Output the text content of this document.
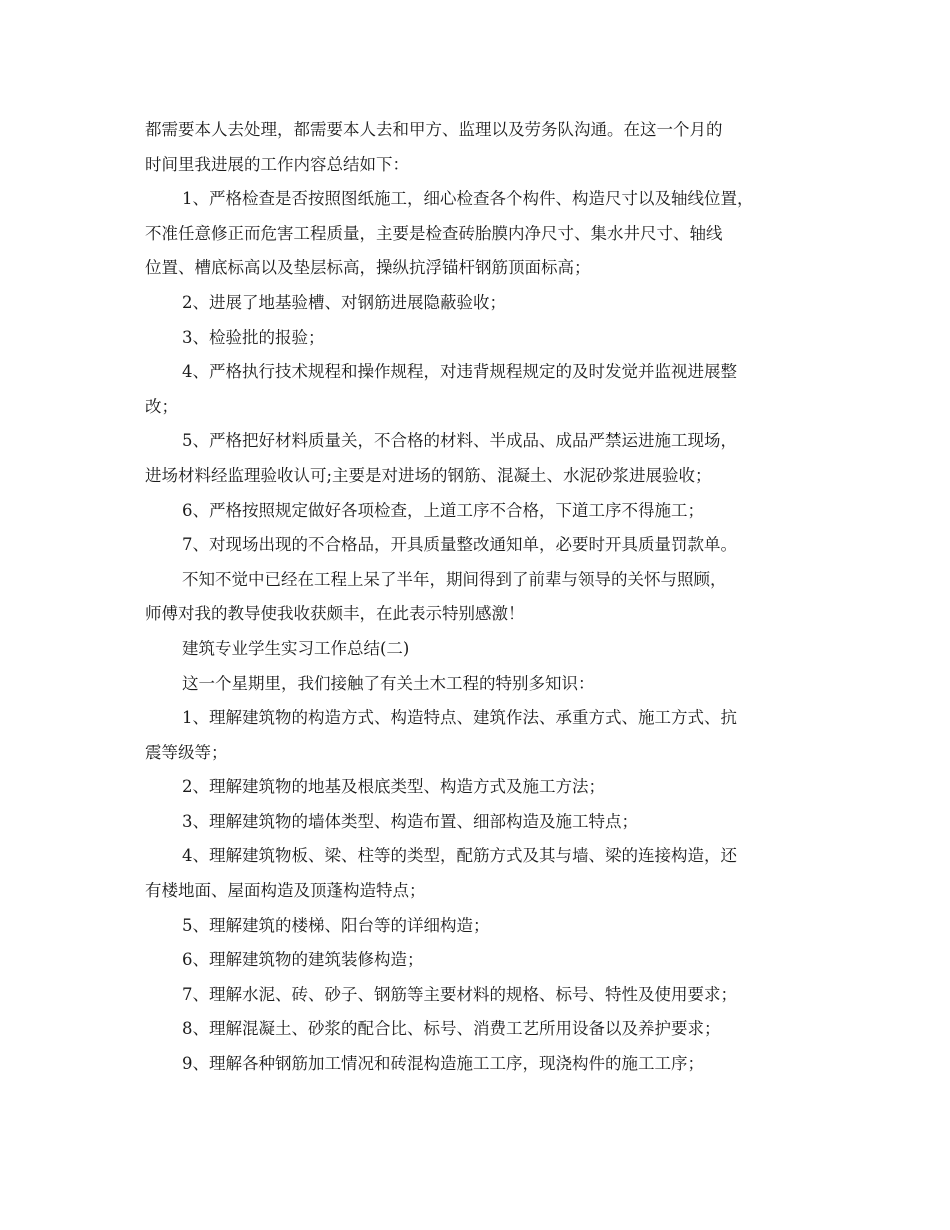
都需要本人去处理，都需要本人去和甲方、监理以及劳务队沟通。在这一个月的
时间里我进展的工作内容总结如下：
1、严格检查是否按照图纸施工，细心检查各个构件、构造尺寸以及轴线位置，
不准任意修正而危害工程质量，主要是检查砖胎膜内净尺寸、集水井尺寸、轴线
位置、槽底标高以及垫层标高，操纵抗浮锚杆钢筋顶面标高；
2、进展了地基验槽、对钢筋进展隐蔽验收；
3、检验批的报验；
4、严格执行技术规程和操作规程，对违背规程规定的及时发觉并监视进展整
改；
5、严格把好材料质量关，不合格的材料、半成品、成品严禁运进施工现场，
进场材料经监理验收认可;主要是对进场的钢筋、混凝土、水泥砂浆进展验收；
6、严格按照规定做好各项检查，上道工序不合格，下道工序不得施工；
7、对现场出现的不合格品，开具质量整改通知单，必要时开具质量罚款单。
不知不觉中已经在工程上呆了半年，期间得到了前辈与领导的关怀与照顾，
师傅对我的教导使我收获颇丰，在此表示特别感激！
建筑专业学生实习工作总结(二)
这一个星期里，我们接触了有关土木工程的特别多知识：
1、理解建筑物的构造方式、构造特点、建筑作法、承重方式、施工方式、抗
震等级等；
2、理解建筑物的地基及根底类型、构造方式及施工方法；
3、理解建筑物的墙体类型、构造布置、细部构造及施工特点；
4、理解建筑物板、梁、柱等的类型，配筋方式及其与墙、梁的连接构造，还
有楼地面、屋面构造及顶蓬构造特点；
5、理解建筑的楼梯、阳台等的详细构造；
6、理解建筑物的建筑装修构造；
7、理解水泥、砖、砂子、钢筋等主要材料的规格、标号、特性及使用要求；
8、理解混凝土、砂浆的配合比、标号、消费工艺所用设备以及养护要求；
9、理解各种钢筋加工情况和砖混构造施工工序，现浇构件的施工工序；
